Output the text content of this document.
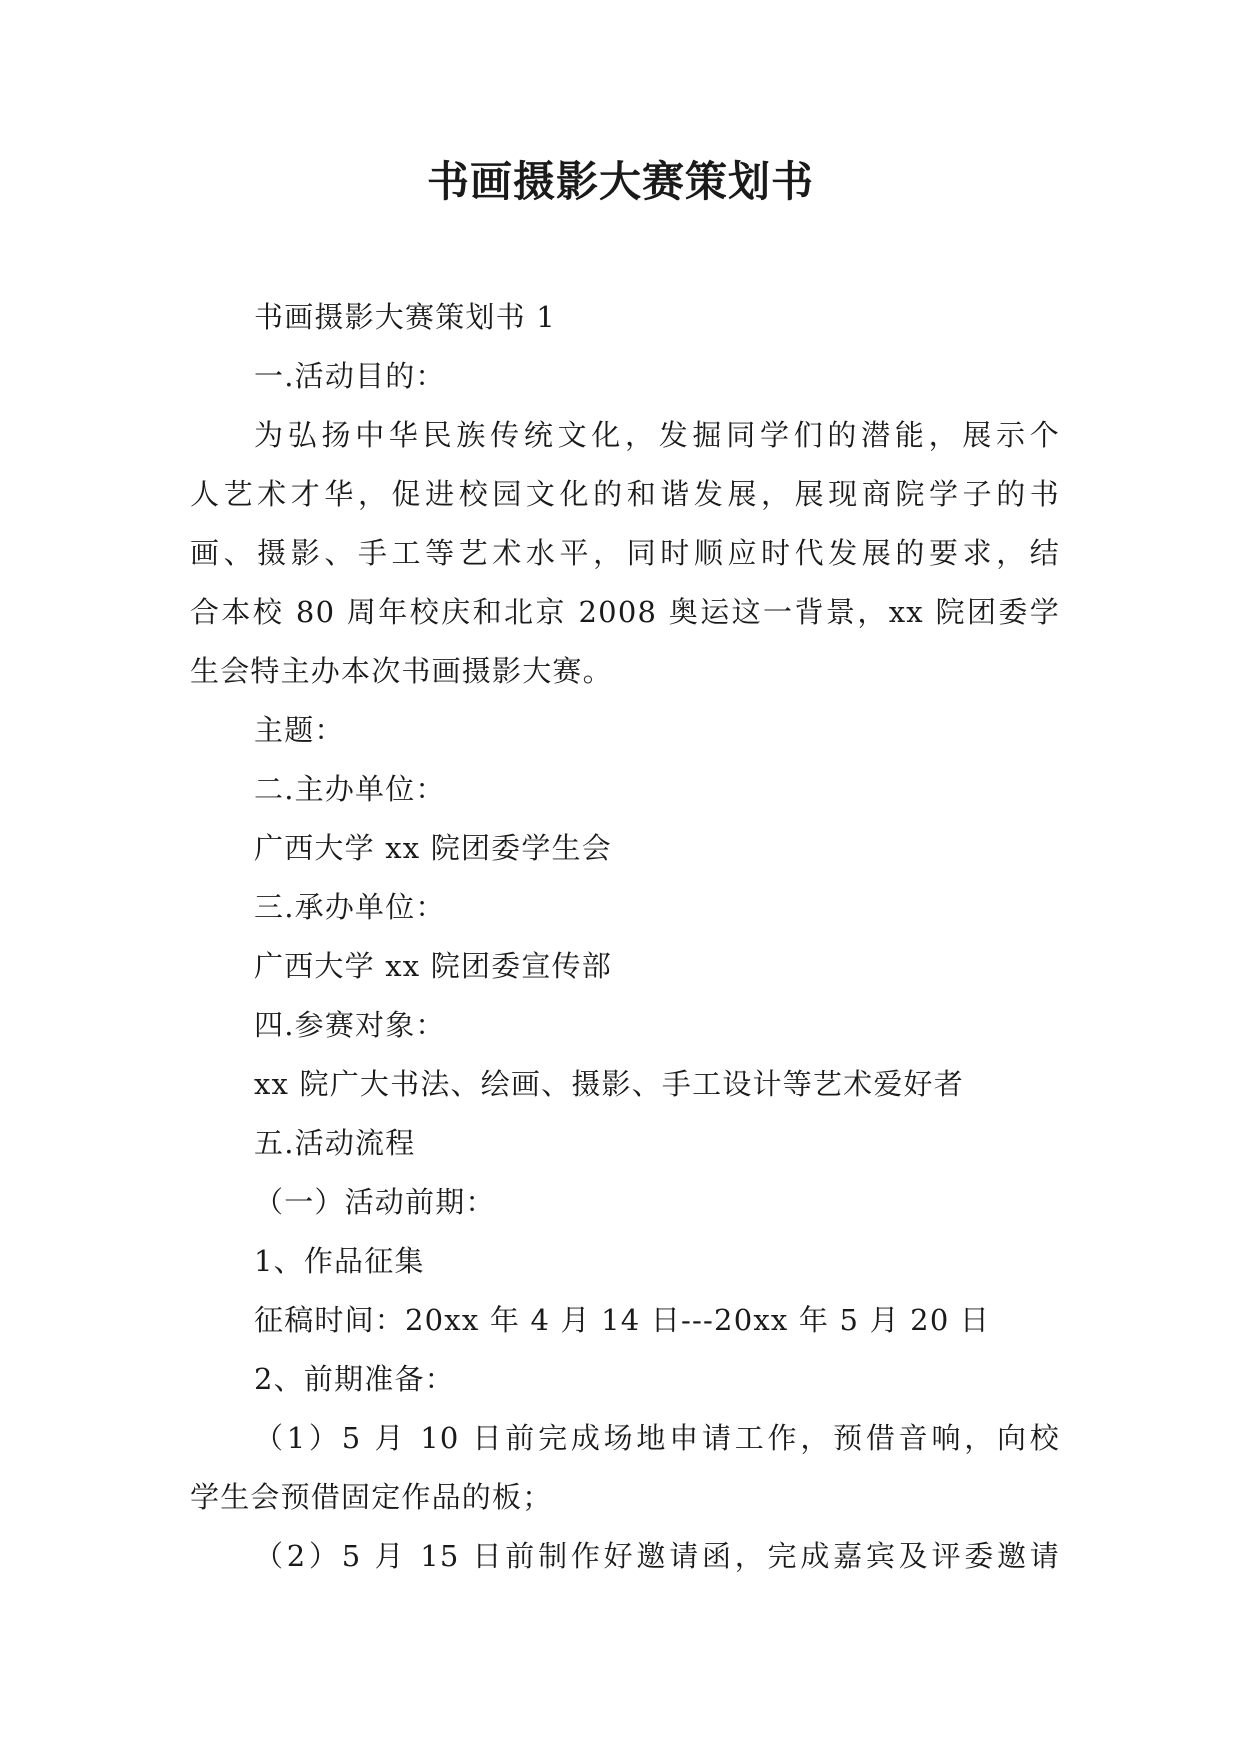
书画摄影大赛策划书
书画摄影大赛策划书 1
一.活动目的：
为弘扬中华民族传统文化，发掘同学们的潜能，展示个
人艺术才华，促进校园文化的和谐发展，展现商院学子的书
画、摄影、手工等艺术水平，同时顺应时代发展的要求，结
合本校 80 周年校庆和北京 2008 奥运这一背景，xx 院团委学
生会特主办本次书画摄影大赛。
主题：
二.主办单位：
广西大学 xx 院团委学生会
三.承办单位：
广西大学 xx 院团委宣传部
四.参赛对象：
xx 院广大书法、绘画、摄影、手工设计等艺术爱好者
五.活动流程
（一）活动前期：
1、作品征集
征稿时间：20xx 年 4 月 14 日---20xx 年 5 月 20 日
2、前期准备：
（1）5 月 10 日前完成场地申请工作，预借音响，向校
学生会预借固定作品的板；
（2）5 月 15 日前制作好邀请函，完成嘉宾及评委邀请
